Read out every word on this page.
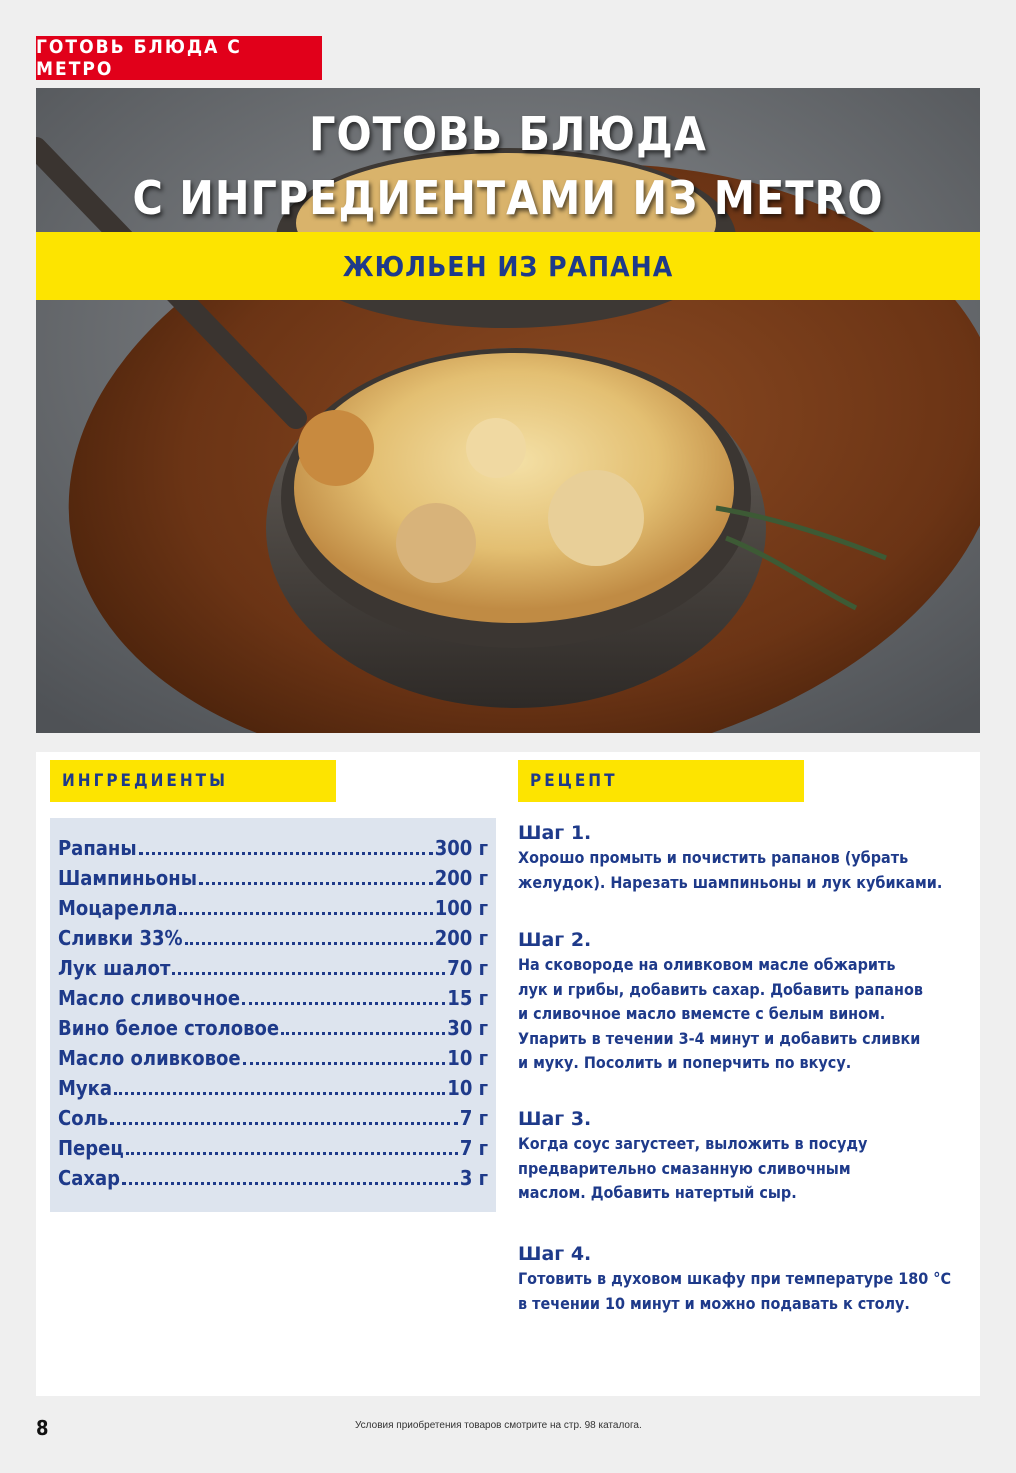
ГОТОВЬ БЛЮДА С МЕТРО
ГОТОВЬ БЛЮДА
С ИНГРЕДИЕНТАМИ ИЗ METRO
ЖЮЛЬЕН ИЗ РАПАНА
ИНГРЕДИЕНТЫ	РЕЦЕПТ
Рапаны	300 г
Шампиньоны	200 г
Моцарелла	100 г
Сливки 33%	200 г
Лук шалот	70 г
Масло сливочное	15 г
Вино белое столовое	30 г
Масло оливковое	10 г
Мука	10 г
Соль	7 г
Перец	7 г
Сахар	3 г
Шаг 1.
Хорошо промыть и почистить рапанов (убрать
желудок). Нарезать шампиньоны и лук кубиками.
Шаг 2.
На сковороде на оливковом масле обжарить
лук и грибы, добавить сахар. Добавить рапанов
и сливочное масло вмемсте с белым вином.
Упарить в течении 3-4 минут и добавить сливки
и муку. Посолить и поперчить по вкусу.
Шаг 3.
Когда соус загустеет, выложить в посуду
предварительно смазанную сливочным
маслом. Добавить натертый сыр.
Шаг 4.
Готовить в духовом шкафу при температуре 180 °С
в течении 10 минут и можно подавать к столу.
8	Условия приобретения товаров смотрите на стр. 98 каталога.
